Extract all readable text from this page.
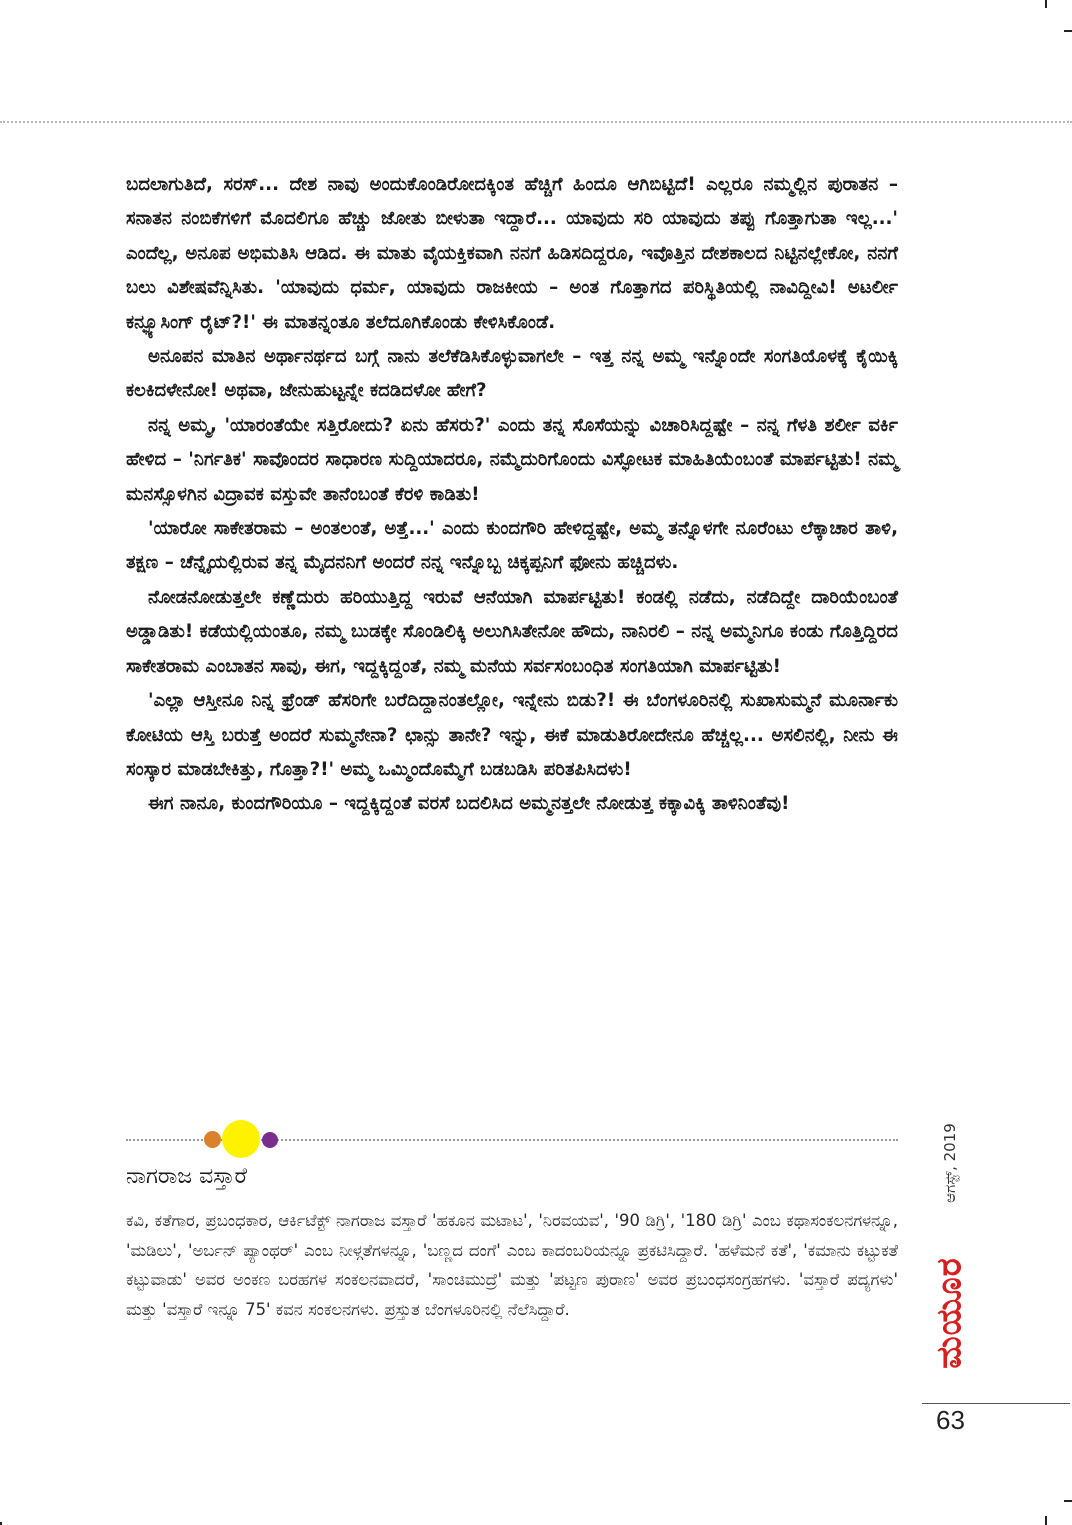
ಬದಲಾಗುತಿದೆ, ಸರಸ್... ದೇಶ ನಾವು ಅಂದುಕೊಂಡಿರೋದಕ್ಕಿಂತ ಹೆಚ್ಚಿಗೆ ಹಿಂದೂ ಆಗಿಬಿಟ್ಟಿದೆ! ಎಲ್ಲರೂ ನಮ್ಮಲ್ಲಿನ ಪುರಾತನ – ಸನಾತನ ನಂಬಿಕೆಗಳಿಗೆ ಮೊದಲಿಗೂ ಹೆಚ್ಚು ಜೋತು ಬೀಳುತಾ ಇದ್ದಾರೆ... ಯಾವುದು ಸರಿ ಯಾವುದು ತಪ್ಪು ಗೊತ್ತಾಗುತಾ ಇಲ್ಲ...' ಎಂದೆಲ್ಲ, ಅನೂಪ ಅಭಿಮತಿಸಿ ಆಡಿದ. ಈ ಮಾತು ವೈಯಕ್ತಿಕವಾಗಿ ನನಗೆ ಹಿಡಿಸದಿದ್ದರೂ, ಇವೊತ್ತಿನ ದೇಶಕಾಲದ ನಿಟ್ಟಿನಲ್ಲೇಕೋ, ನನಗೆ ಬಲು ವಿಶೇಷವೆನ್ನಿಸಿತು. 'ಯಾವುದು ಧರ್ಮ, ಯಾವುದು ರಾಜಕೀಯ – ಅಂತ ಗೊತ್ತಾಗದ ಪರಿಸ್ಥಿತಿಯಲ್ಲಿ ನಾವಿದ್ದೀವಿ! ಅಟರ್ಲೀ ಕನ್ಫ್ಯೂಸಿಂಗ್ ರೈಟ್?!' ಈ ಮಾತನ್ನಂತೂ ತಲೆದೂಗಿಕೊಂಡು ಕೇಳಿಸಿಕೊಂಡೆ.

ಅನೂಪನ ಮಾತಿನ ಅರ್ಥಾನರ್ಥದ ಬಗ್ಗೆ ನಾನು ತಲೆಕೆಡಿಸಿಕೊಳ್ಳುವಾಗಲೇ – ಇತ್ತ ನನ್ನ ಅಮ್ಮ ಇನ್ನೊಂದೇ ಸಂಗತಿಯೊಳಕ್ಕೆ ಕೈಯಿಕ್ಕಿ ಕಲಕಿದಳೇನೋ! ಅಥವಾ, ಜೇನುಹುಟ್ಟನ್ನೇ ಕದಡಿದಳೋ ಹೇಗೆ?

ನನ್ನ ಅಮ್ಮ, 'ಯಾರಂತೆಯೇ ಸತ್ತಿರೋದು? ಏನು ಹೆಸರು?' ಎಂದು ತನ್ನ ಸೊಸೆಯನ್ನು ವಿಚಾರಿಸಿದ್ದಷ್ಟೇ – ನನ್ನ ಗೆಳತಿ ಶರ್ಲೀ ವರ್ಕಿ ಹೇಳಿದ – 'ನಿರ್ಗತಿಕ' ಸಾವೊಂದರ ಸಾಧಾರಣ ಸುದ್ದಿಯಾದರೂ, ನಮ್ಮೆದುರಿಗೊಂದು ವಿಸ್ಫೋಟಕ ಮಾಹಿತಿಯೆಂಬಂತೆ ಮಾರ್ಪಟ್ಟಿತು! ನಮ್ಮ ಮನಸ್ಸೊಳಗಿನ ವಿದ್ರಾವಕ ವಸ್ತುವೇ ತಾನೆಂಬಂತೆ ಕೆರಳಿ ಕಾಡಿತು!

'ಯಾರೋ ಸಾಕೇತರಾಮ – ಅಂತಲಂತೆ, ಅತ್ತೆ...' ಎಂದು ಕುಂದಗೌರಿ ಹೇಳಿದ್ದಷ್ಟೇ, ಅಮ್ಮ ತನ್ನೊಳಗೇ ನೂರೆಂಟು ಲೆಕ್ಕಾಚಾರ ತಾಳಿ, ತಕ್ಷಣ – ಚೆನ್ನೈಯಲ್ಲಿರುವ ತನ್ನ ಮೈದನನಿಗೆ ಅಂದರೆ ನನ್ನ ಇನ್ನೊಬ್ಬ ಚಿಕ್ಕಪ್ಪನಿಗೆ ಫೋನು ಹಚ್ಚಿದಳು.

ನೋಡನೋಡುತ್ತಲೇ ಕಣ್ಣೆದುರು ಹರಿಯುತ್ತಿದ್ದ ಇರುವೆ ಆನೆಯಾಗಿ ಮಾರ್ಪಟ್ಟಿತು! ಕಂಡಲ್ಲಿ ನಡೆದು, ನಡೆದಿದ್ದೇ ದಾರಿಯೆಂಬಂತೆ ಅಡ್ಡಾಡಿತು! ಕಡೆಯಲ್ಲಿಯಂತೂ, ನಮ್ಮ ಬುಡಕ್ಕೇ ಸೊಂಡಿಲಿಕ್ಕಿ ಅಲುಗಿಸಿತೇನೋ ಹೌದು, ನಾನಿರಲಿ – ನನ್ನ ಅಮ್ಮನಿಗೂ ಕಂಡು ಗೊತ್ತಿದ್ದಿರದ ಸಾಕೇತರಾಮ ಎಂಬಾತನ ಸಾವು, ಈಗ, ಇದ್ದಕ್ಕಿದ್ದಂತೆ, ನಮ್ಮ ಮನೆಯ ಸರ್ವಸಂಬಂಧಿತ ಸಂಗತಿಯಾಗಿ ಮಾರ್ಪಟ್ಟಿತು!

'ಎಲ್ಲಾ ಆಸ್ತೀನೂ ನಿನ್ನ ಫ್ರೆಂಡ್ ಹೆಸರಿಗೇ ಬರೆದಿದ್ದಾನಂತಲ್ಲೋ, ಇನ್ನೇನು ಬಿಡು?! ಈ ಬೆಂಗಳೂರಿನಲ್ಲಿ ಸುಖಾಸುಮ್ಮನೆ ಮೂರ್ನಾಕು ಕೋಟಿಯ ಆಸ್ತಿ ಬರುತ್ತೆ ಅಂದರೆ ಸುಮ್ಮನೇನಾ? ಛಾನ್ಸು ತಾನೇ? ಇನ್ನು, ಈಕೆ ಮಾಡುತಿರೋದೇನೂ ಹೆಚ್ಚಲ್ಲ... ಅಸಲಿನಲ್ಲಿ, ನೀನು ಈ ಸಂಸ್ಕಾರ ಮಾಡಬೇಕಿತ್ತು, ಗೊತ್ತಾ?!' ಅಮ್ಮ ಒಮ್ಮಿಂದೊಮ್ಮೆಗೆ ಬಡಬಡಿಸಿ ಪರಿತಪಿಸಿದಳು!

ಈಗ ನಾನೂ, ಕುಂದಗೌರಿಯೂ – ಇದ್ದಕ್ಕಿದ್ದಂತೆ ವರಸೆ ಬದಲಿಸಿದ ಅಮ್ಮನತ್ತಲೇ ನೋಡುತ್ತ ಕಕ್ಕಾವಿಕ್ಕಿ ತಾಳಿನಿಂತೆವು!

ನಾಗರಾಜ ವಸ್ತಾರೆ
ಕವಿ, ಕತೆಗಾರ, ಪ್ರಬಂಧಕಾರ, ಆರ್ಕಿಟೆಕ್ಟ್ ನಾಗರಾಜ ವಸ್ತಾರೆ 'ಹಕೂನ ಮಟಾಟ', 'ನಿರವಯವ', '90 ಡಿಗ್ರಿ', '180 ಡಿಗ್ರಿ' ಎಂಬ ಕಥಾಸಂಕಲನಗಳನ್ನೂ, 'ಮಡಿಲು', 'ಅರ್ಬನ್ ಪ್ಯಾಂಥರ್' ಎಂಬ ನೀಳ್ಗತೆಗಳನ್ನೂ, 'ಬಣ್ಣದ ದಂಗೆ' ಎಂಬ ಕಾದಂಬರಿಯನ್ನೂ ಪ್ರಕಟಿಸಿದ್ದಾರೆ. 'ಹಳೆಮನೆ ಕತೆ', 'ಕಮಾನು ಕಟ್ಟುಕತೆ ಕಟ್ಟುವಾಡು' ಅವರ ಅಂಕಣ ಬರಹಗಳ ಸಂಕಲನವಾದರೆ, 'ಸಾಂಚಿಮುದ್ರೆ' ಮತ್ತು 'ಪಟ್ಟಣ ಪುರಾಣ' ಅವರ ಪ್ರಬಂಧಸಂಗ್ರಹಗಳು. 'ವಸ್ತಾರೆ ಪದ್ಯಗಳು' ಮತ್ತು 'ವಸ್ತಾರೆ ಇನ್ನೂ 75' ಕವನ ಸಂಕಲನಗಳು. ಪ್ರಸ್ತುತ ಬೆಂಗಳೂರಿನಲ್ಲಿ ನೆಲೆಸಿದ್ದಾರೆ.
ಆಗಸ್ಟ್, 2019
ಮಯೂರ
63
